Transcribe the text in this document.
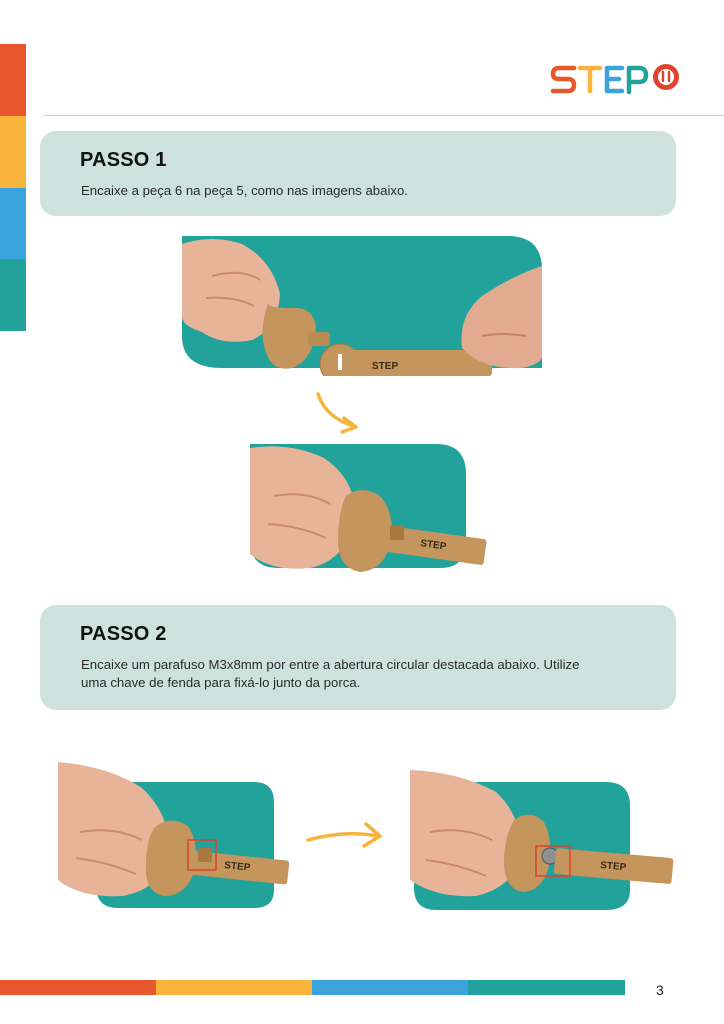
PASSO 1
Encaixe a peça 6 na peça 5, como nas imagens abaixo.
STEP
STEP
PASSO 2
Encaixe um parafuso M3x8mm por entre a abertura circular destacada abaixo. Utilize
uma chave de fenda para fixá-lo junto da porca.
STEP	STEP
3
